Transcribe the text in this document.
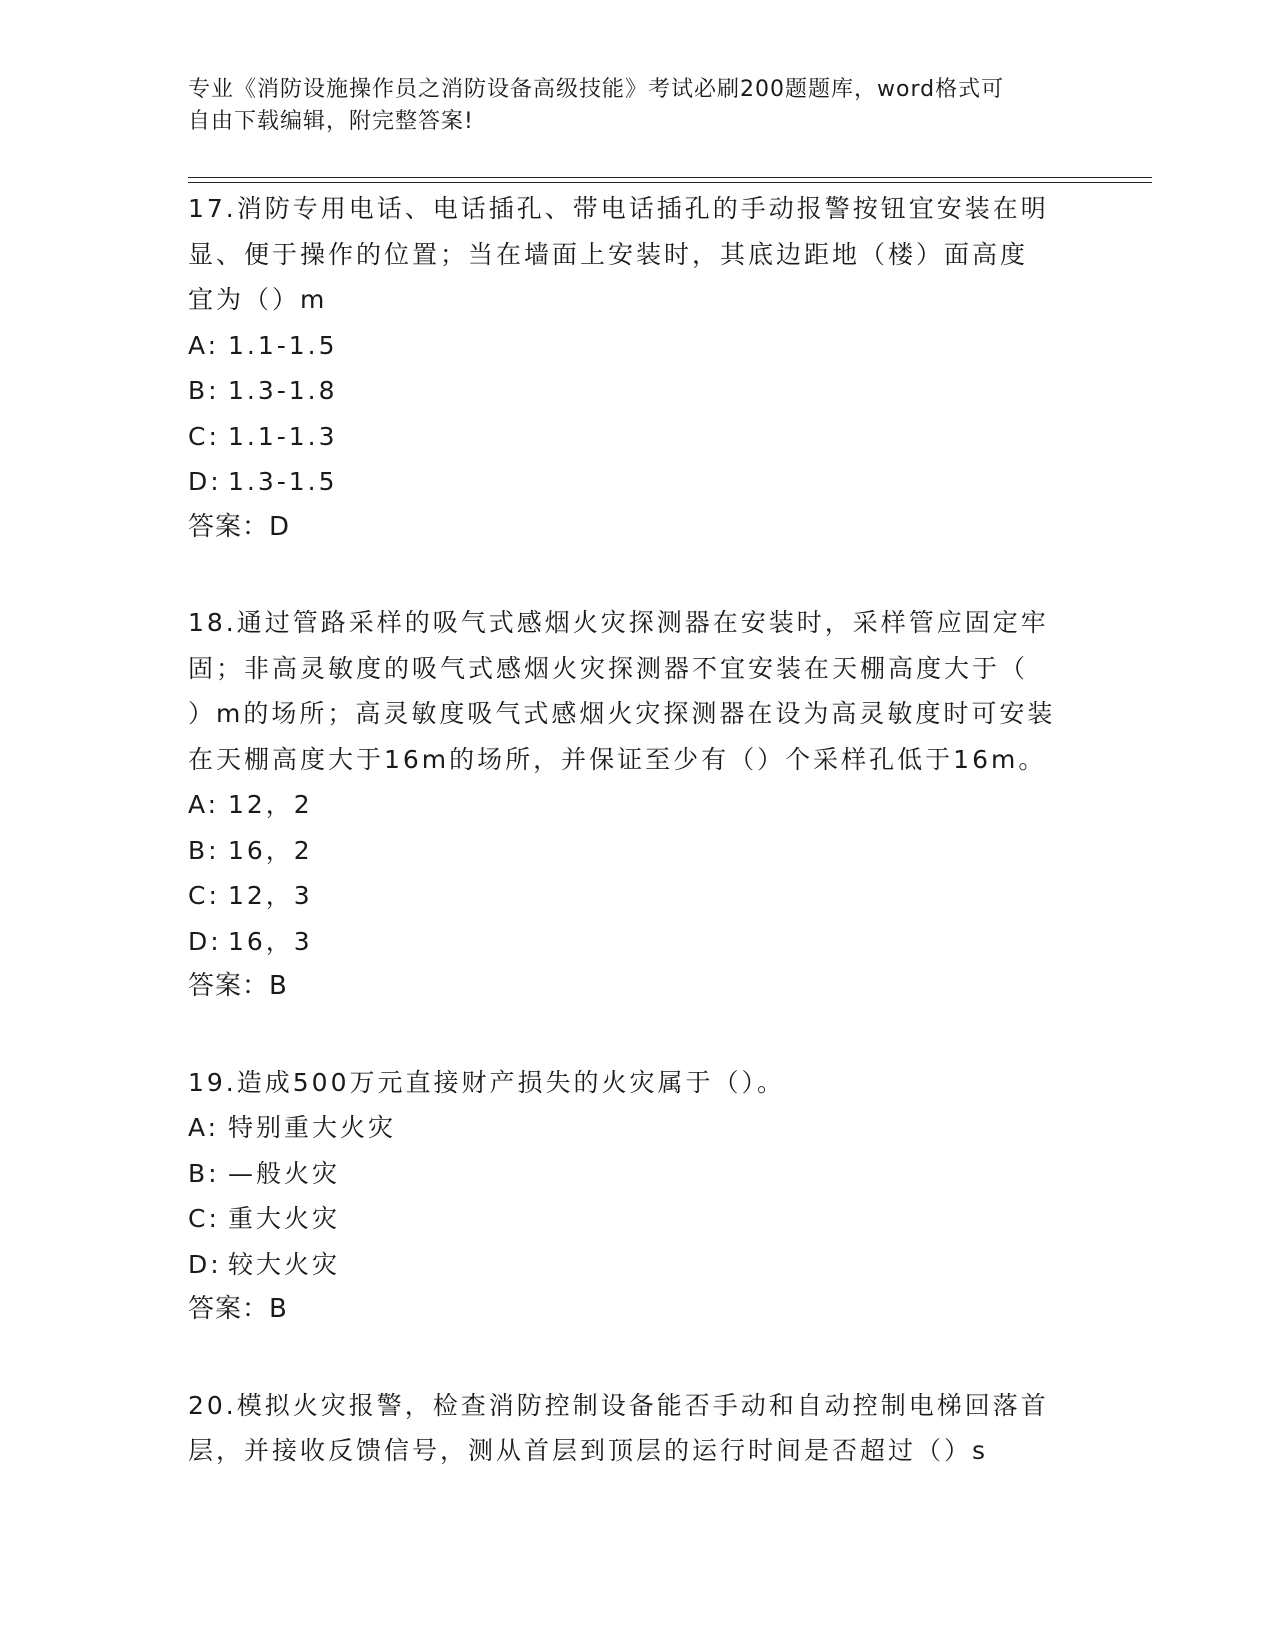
专业《消防设施操作员之消防设备高级技能》考试必刷200题题库，word格式可
自由下载编辑，附完整答案!
17.消防专用电话、电话插孔、带电话插孔的手动报警按钮宜安装在明
显、便于操作的位置；当在墙面上安装时，其底边距地（楼）面高度
宜为（）m
A: 1.1-1.5
B: 1.3-1.8
C: 1.1-1.3
D: 1.3-1.5
答案：D
18.通过管路采样的吸气式感烟火灾探测器在安装时，采样管应固定牢
固；非高灵敏度的吸气式感烟火灾探测器不宜安装在天棚高度大于（
）m的场所；高灵敏度吸气式感烟火灾探测器在设为高灵敏度时可安装
在天棚高度大于16m的场所，并保证至少有（）个采样孔低于16m。
A: 12，2
B: 16，2
C: 12，3
D: 16，3
答案：B
19.造成500万元直接财产损失的火灾属于（）。
A: 特别重大火灾
B: —般火灾
C: 重大火灾
D: 较大火灾
答案：B
20.模拟火灾报警，检查消防控制设备能否手动和自动控制电梯回落首
层，并接收反馈信号，测从首层到顶层的运行时间是否超过（）s
